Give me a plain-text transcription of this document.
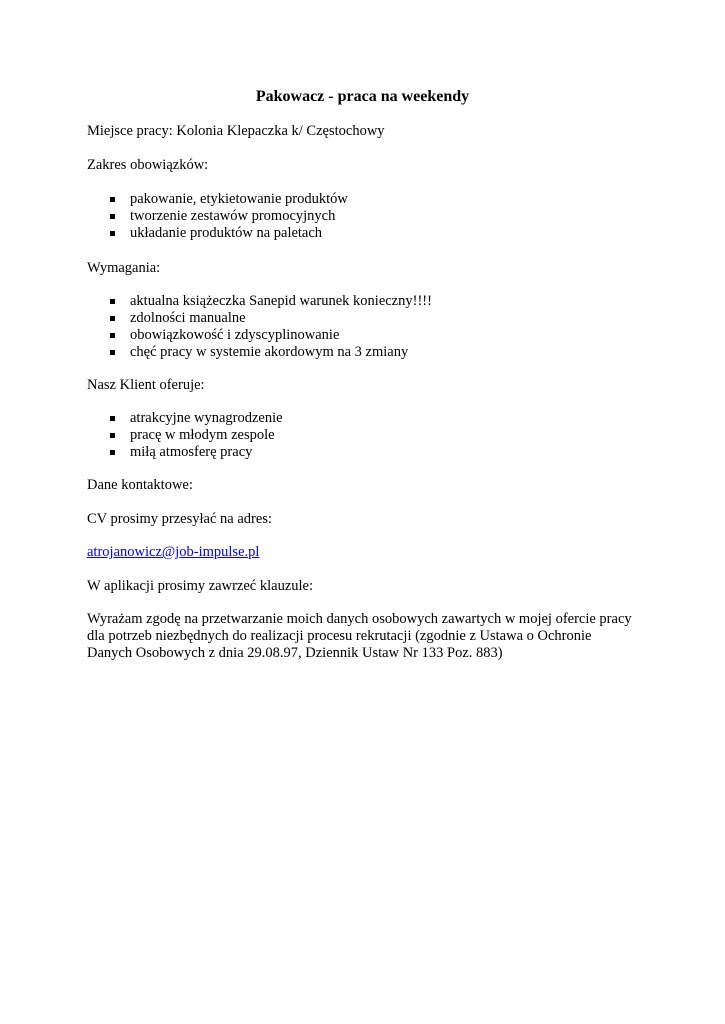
Pakowacz - praca na weekendy
Miejsce pracy: Kolonia Klepaczka k/ Częstochowy
Zakres obowiązków:
pakowanie, etykietowanie produktów
tworzenie zestawów promocyjnych
układanie produktów na paletach
Wymagania:
aktualna książeczka Sanepid warunek konieczny!!!!
zdolności manualne
obowiązkowość i zdyscyplinowanie
chęć pracy w systemie akordowym na 3 zmiany
Nasz Klient oferuje:
atrakcyjne wynagrodzenie
pracę w młodym zespole
miłą atmosferę pracy
Dane kontaktowe:
CV prosimy przesyłać na adres:
atrojanowicz@job-impulse.pl
W aplikacji prosimy zawrzeć klauzule:
Wyrażam zgodę na przetwarzanie moich danych osobowych zawartych w mojej ofercie pracy
dla potrzeb niezbędnych do realizacji procesu rekrutacji (zgodnie z Ustawa o Ochronie
Danych Osobowych z dnia 29.08.97, Dziennik Ustaw Nr 133 Poz. 883)
